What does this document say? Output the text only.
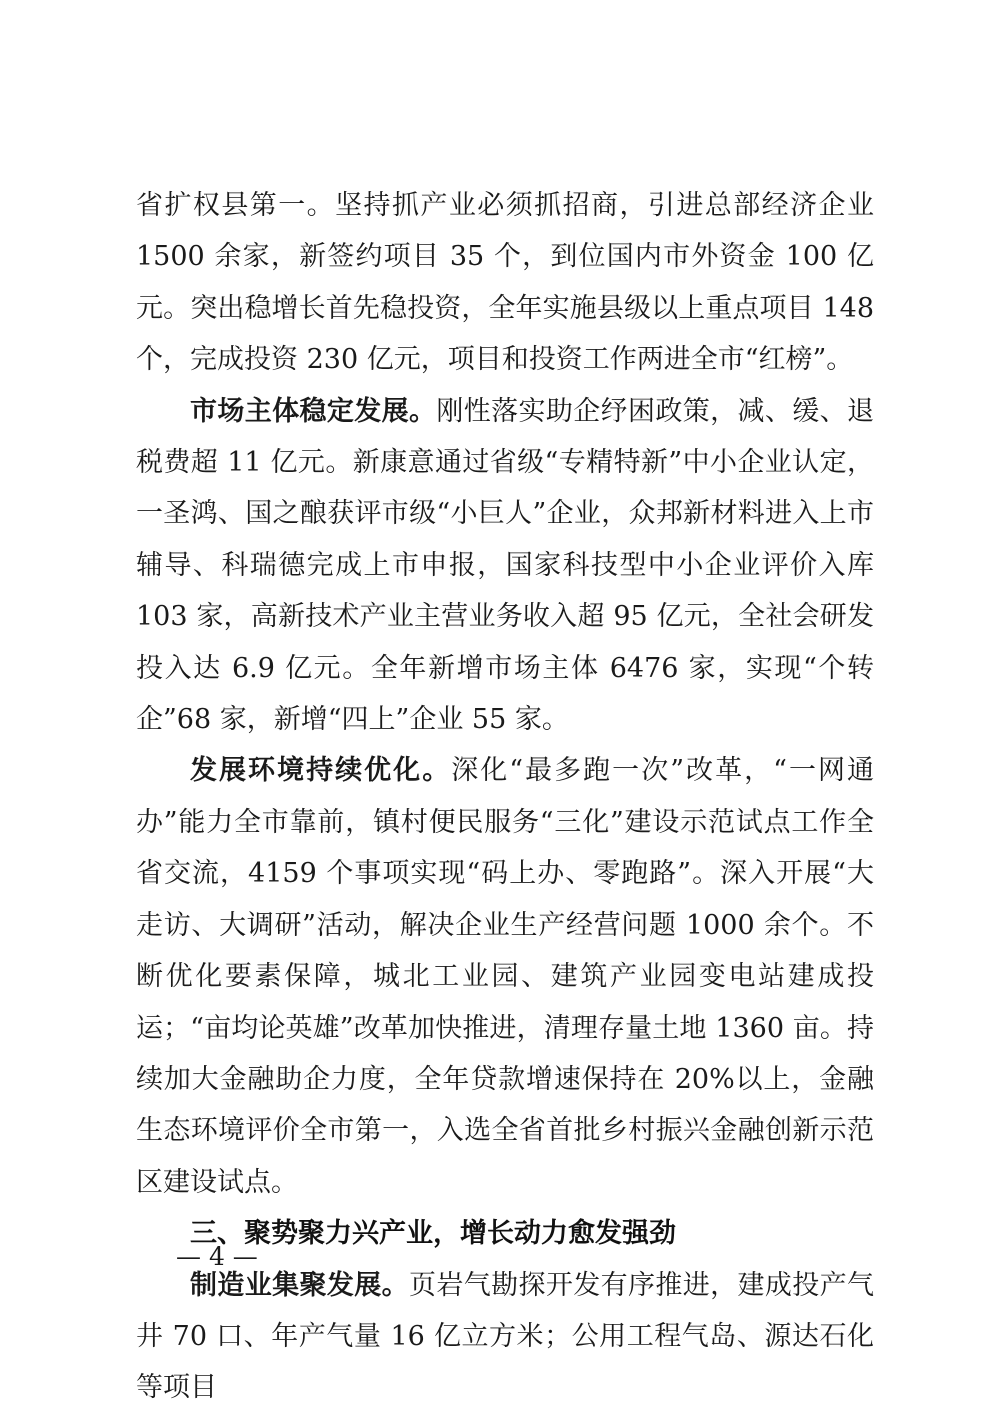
省扩权县第一。坚持抓产业必须抓招商，引进总部经济企业 1500 余家，新签约项目 35 个，到位国内市外资金 100 亿元。突出稳增长首先稳投资，全年实施县级以上重点项目 148 个，完成投资 230 亿元，项目和投资工作两进全市“红榜”。

市场主体稳定发展。刚性落实助企纾困政策，减、缓、退税费超 11 亿元。新康意通过省级“专精特新”中小企业认定，一圣鸿、国之酿获评市级“小巨人”企业，众邦新材料进入上市辅导、科瑞德完成上市申报，国家科技型中小企业评价入库 103 家，高新技术产业主营业务收入超 95 亿元，全社会研发投入达 6.9 亿元。全年新增市场主体 6476 家，实现“个转企”68 家，新增“四上”企业 55 家。

发展环境持续优化。深化“最多跑一次”改革，“一网通办”能力全市靠前，镇村便民服务“三化”建设示范试点工作全省交流，4159 个事项实现“码上办、零跑路”。深入开展“大走访、大调研”活动，解决企业生产经营问题 1000 余个。不断优化要素保障，城北工业园、建筑产业园变电站建成投运；“亩均论英雄”改革加快推进，清理存量土地 1360 亩。持续加大金融助企力度，全年贷款增速保持在 20%以上，金融生态环境评价全市第一，入选全省首批乡村振兴金融创新示范区建设试点。

三、聚势聚力兴产业，增长动力愈发强劲

制造业集聚发展。页岩气勘探开发有序推进，建成投产气井 70 口、年产气量 16 亿立方米；公用工程气岛、源达石化等项目

— 4 —
